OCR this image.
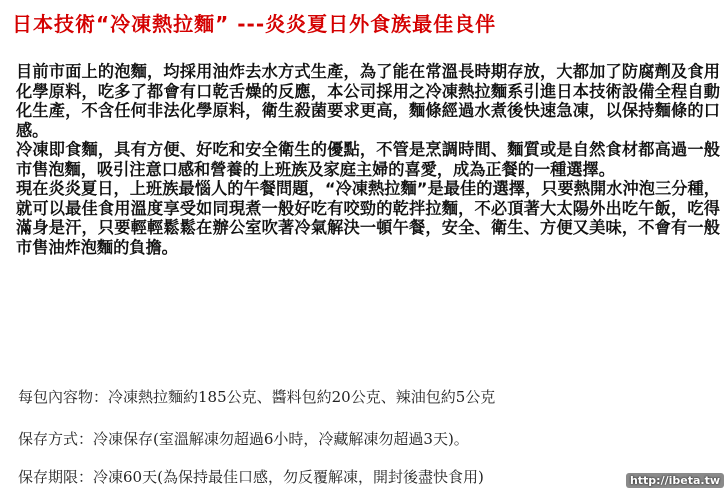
日本技術“冷凍熱拉麵” ---炎炎夏日外食族最佳良伴

目前市面上的泡麵，均採用油炸去水方式生產，為了能在常溫長時期存放，大都加了防腐劑及食用化學原料，吃多了都會有口乾舌燥的反應，本公司採用之冷凍熱拉麵系引進日本技術設備全程自動化生產，不含任何非法化學原料，衛生殺菌要求更高，麵條經過水煮後快速急凍，以保持麵條的口感。

冷凍即食麵，具有方便、好吃和安全衛生的優點，不管是烹調時間、麵質或是自然食材都高過一般市售泡麵，吸引注意口感和營養的上班族及家庭主婦的喜愛，成為正餐的一種選擇。

現在炎炎夏日，上班族最惱人的午餐問題，“冷凍熱拉麵”是最佳的選擇，只要熱開水沖泡三分種，就可以最佳食用溫度享受如同現煮一般好吃有咬勁的乾拌拉麵，不必頂著大太陽外出吃午飯，吃得滿身是汗，只要輕輕鬆鬆在辦公室吹著冷氣解決一頓午餐，安全、衛生、方便又美味，不會有一般市售油炸泡麵的負擔。

每包內容物：冷凍熱拉麵約185公克、醬料包約20公克、辣油包約5公克
保存方式：冷凍保存(室溫解凍勿超過6小時，冷藏解凍勿超過3天)。
保存期限：冷凍60天(為保持最佳口感，勿反覆解凍，開封後盡快食用)	http://ibeta.tw
